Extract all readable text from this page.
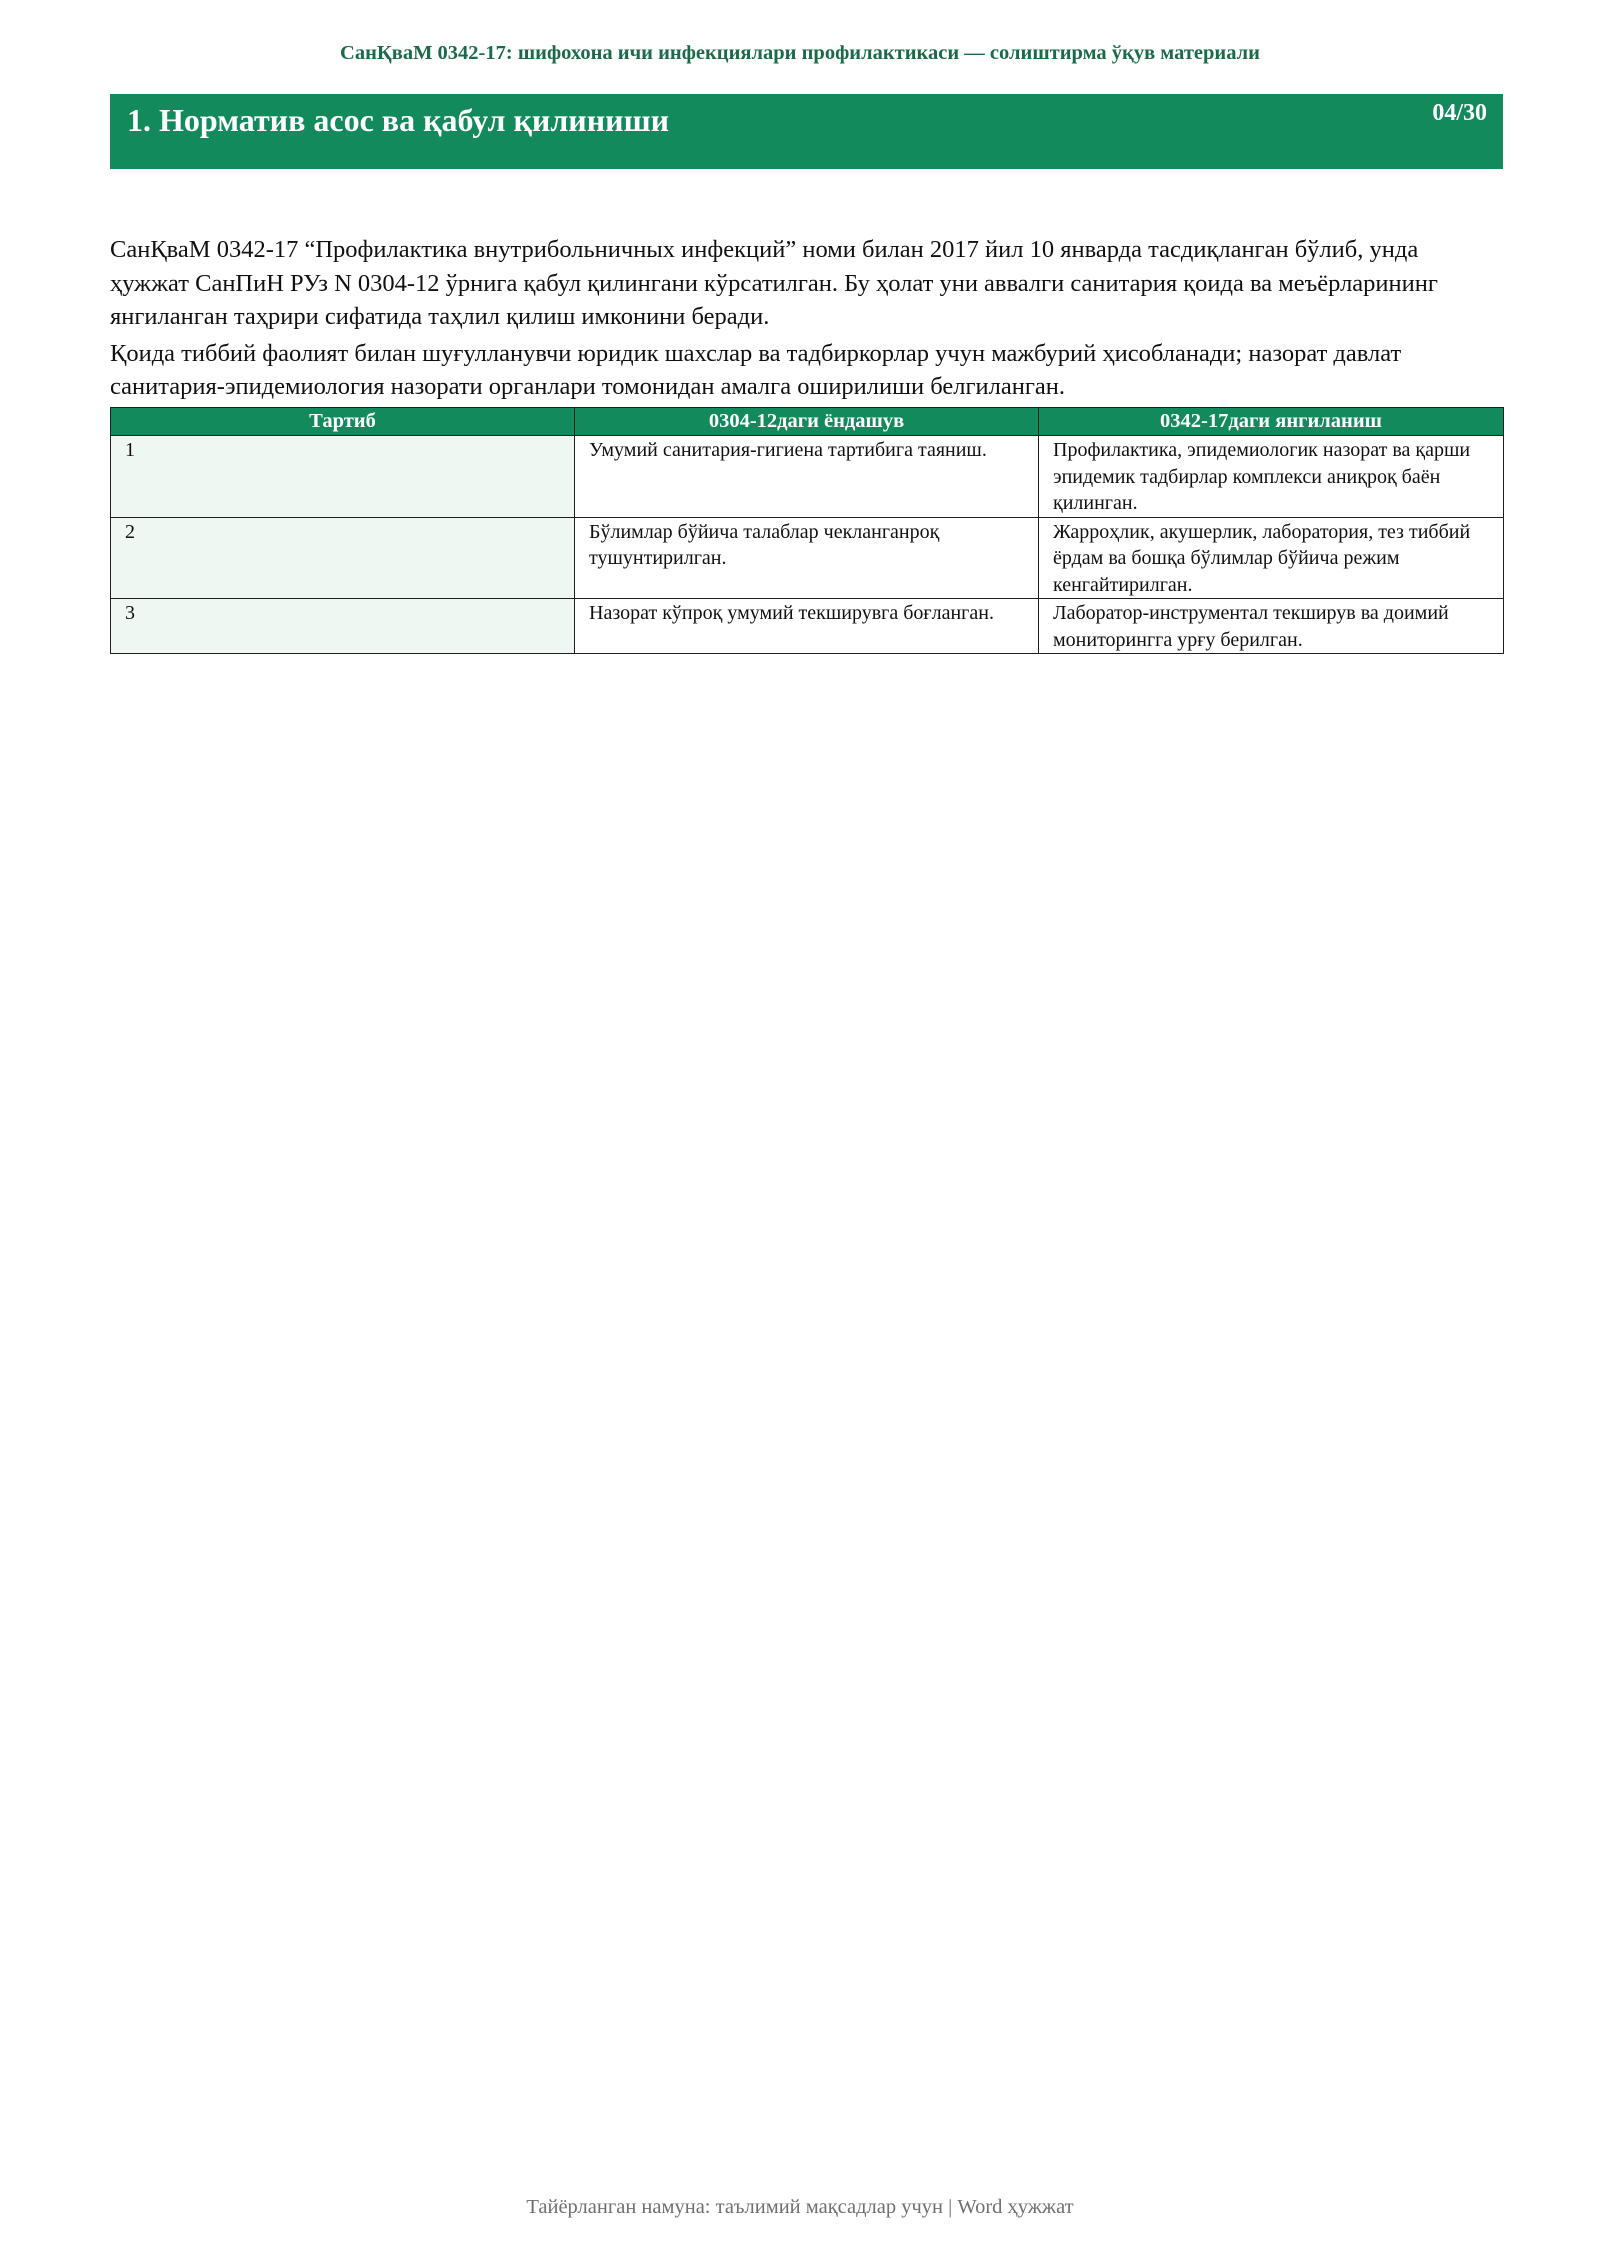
СанҚваМ 0342-17: шифохона ичи инфекциялари профилактикаси — солиштирма ўқув материали
1. Норматив асос ва қабул қилиниши	04/30

СанҚваМ 0342-17 “Профилактика внутрибольничных инфекций” номи билан 2017 йил 10 январда тасдиқланган бўлиб, унда ҳужжат СанПиН РУз N 0304-12 ўрнига қабул қилингани кўрсатилган. Бу ҳолат уни аввалги санитария қоида ва меъёрларининг янгиланган таҳрири сифатида таҳлил қилиш имконини беради.

Қоида тиббий фаолият билан шуғулланувчи юридик шахслар ва тадбиркорлар учун мажбурий ҳисобланади; назорат давлат санитария-эпидемиология назорати органлари томонидан амалга оширилиши белгиланган.

Тартиб	0304-12даги ёндашув	0342-17даги янгиланиш
1	Умумий санитария-гигиена тартибига таяниш.	Профилактика, эпидемиологик назорат ва қарши эпидемик тадбирлар комплекси аниқроқ баён қилинган.
2	Бўлимлар бўйича талаблар чекланганроқ тушунтирилган.	Жарроҳлик, акушерлик, лаборатория, тез тиббий ёрдам ва бошқа бўлимлар бўйича режим кенгайтирилган.
3	Назорат кўпроқ умумий текширувга боғланган.	Лаборатор-инструментал текширув ва доимий мониторингга урғу берилган.
Тайёрланган намуна: таълимий мақсадлар учун | Word ҳужжат
